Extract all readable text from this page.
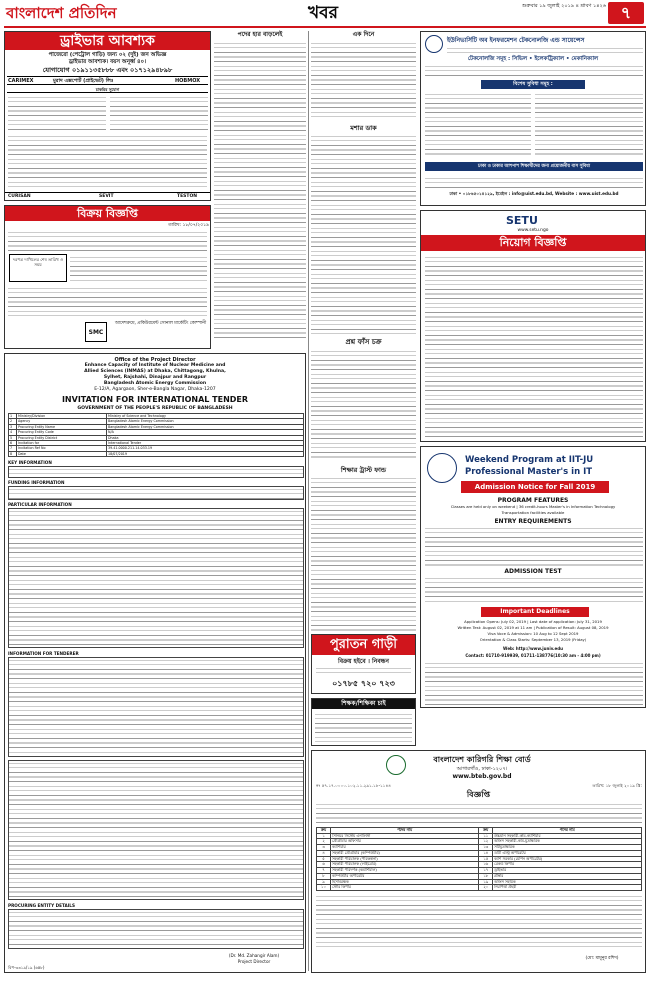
বাংলাদেশ প্রতিদিন	খবর	শুক্রবার ১৯ জুলাই ২০১৯ ৪ শ্রাবণ ১৪২৬ ৭
ড্রাইভার আবশ্যক
পাজেরো (পেট্রোল গাড়ি) জন্য ০২ (দুই) জন অভিজ্ঞ
ড্রাইভার আবশ্যক। বয়স অনূর্ধ্ব ৪০।
যোগাযোগ ০১৯১১৩৫৮৮৮ এবং ০১৭১২৯৪৮৯৮
CARIMEX	মুরাদ এক্সপোর্ট (প্রাইভেট) লিঃ	HOBMOX
চাকরির সুযোগ
CURISAN	SEVIT	TESTON
বিক্রয় বিজ্ঞপ্তি
তারিখ: ১৮/০৭/২০১৯
দরপত্র দাখিলের শেষ তারিখ ও সময়
SMC
আদেশক্রমে, প্রকিউরমেন্ট সোনাল মার্কেটিং কোম্পানী
Office of the Project Director
Enhance Capacity of Institute of Nuclear Medicine and
Allied Sciences (INMAS) at Dhaka, Chittagong, Khulna,
Sylhet, Rajshahi, Dinajpur and Rangpur
Bangladesh Atomic Energy Commission
E-12/A, Agargaon, Sher-e-Bangla Nagar, Dhaka-1207
INVITATION FOR INTERNATIONAL TENDER
GOVERNMENT OF THE PEOPLE'S REPUBLIC OF BANGLADESH
1	Ministry/Division	Ministry of Science and Technology
2	Agency	Bangladesh Atomic Energy Commission
3	Procuring Entity Name	Bangladesh Atomic Energy Commission
4	Procuring Entity Code	N/A
5	Procuring Entity District	Dhaka
6	Invitation for	International Tender
7	Invitation Ref No	39.41.0000.211.14.033.19
8	Date	18/07/2019
KEY INFORMATION
FUNDING INFORMATION
PARTICULAR INFORMATION
INFORMATION FOR TENDERER
PROCURING ENTITY DETAILS
(Dr. Md. Zahangir Alam)
Project Director
বিপ-৩৩১৯/১৯ (৬x৮)
পদের হার বাড়লেই	এক দিনে
মশার ডাক
প্রশ্ন ফাঁস চক্র
শিক্ষার ট্রাস্ট ফান্ড
পুরাতন গাড়ী
বিক্রয় হইবে । নিবন্ধন
০১৭৮৫ ৭২০ ৭২৩
শিক্ষক/শিক্ষিকা চাই
ইউনিভার্সিটি অব ইনফরমেশন টেকনোলজি এন্ড সায়েন্সেস
টেকনোলজি সমূহ : সিভিল • ইলেকট্রিক্যাল • মেকানিক্যাল
বিশেষ সুবিধা সমূহ :
ঢাকা ও ঢাকার আশপাশ শিক্ষার্থীদের জন্য প্রয়োজনীয় বাস সুবিধা
ঢাকা • ০১৮৬৫০১৪১২৯, ইমেইল : info@uist.edu.bd, Website : www.uist.edu.bd
SETU
www.setu.ngo
নিয়োগ বিজ্ঞপ্তি
Weekend Program at IIT-JU
Professional Master's in IT
Admission Notice for Fall 2019
PROGRAM FEATURES
Classes are held only on weekend | 36 credit-hours Master's in Information Technology
Transportation facilities available
ENTRY REQUIREMENTS
ADMISSION TEST
Important Deadlines
Application Opens: July 02, 2019 | Last date of application: July 31, 2019
Written Test: August 02, 2019 at 11 am | Publication of Result: August 08, 2019
Viva Voce & Admission: 10 Aug to 12 Sept 2019
Orientation & Class Starts: September 13, 2019 (Friday)
Web: http://www.juniv.edu
Contact: 01710-919939, 01711-138776(10:30 am - 4:00 pm)
বাংলাদেশ কারিগরি শিক্ষা বোর্ড
আগারগাঁও, ঢাকা-১২০৭।
www.bteb.gov.bd
নং ৫৭.১৭.০০০০.১০২.১১.২৯১.১৮-১১৪৪	তারিখ: ১৮ জুলাই ২০১৯ খ্রি:
বিজ্ঞপ্তি
ক্রম	পদের নাম	ক্রম	পদের নাম
১	সিনিয়র সিস্টেম এনালিস্ট	১১	উচ্চমান সহকারী-কাম-ক্যাশিয়ার
২	প্রোগ্রামার অফিসার	১২	অফিস সহকারী-কাম-মুদ্রাক্ষরিক
৩	ক্যাশিয়ার	১৩	সাঁটমুদ্রাক্ষরিক
৪	সহকারী প্রোগ্রামার (কম্পিউটার)	১৪	ডাটা এন্ট্রি অপারেটর
৫	সহকারী পরিচালক (পরিকল্পনা)	১৫	ক্যাশ সরকার (মেশিন অপারেটর)
৬	সহকারী পরিচালক (লাইব্রেরি)	১৬	রেকর্ড কিপার
৭	সহকারী পরিদর্শক (কমার্শিয়াল)	১৭	ড্রাইভার
৮	কম্পিউটার অপারেটর	১৮	প্লাম্বার
৯	হিসাবরক্ষক	১৯	অফিস সহায়ক
১০	স্টোর কিপার	২০	নিরাপত্তা প্রহরী
(মো: মামুনুর রশিদ)
